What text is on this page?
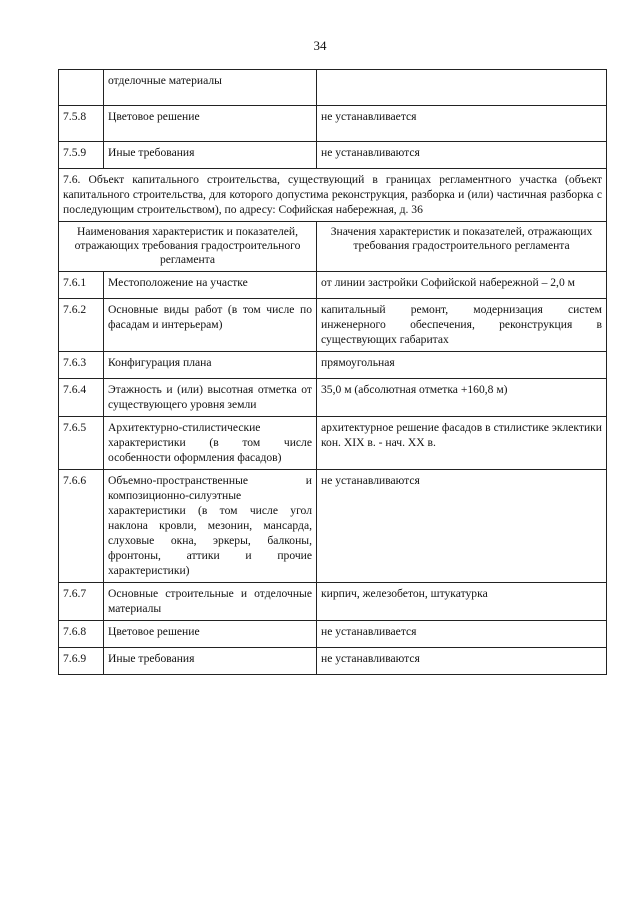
34
	отделочные материалы	
7.5.8	Цветовое решение	не устанавливается
7.5.9	Иные требования	не устанавливаются
7.6. Объект капитального строительства, существующий в границах регламентного участка (объект капитального строительства, для которого допустима реконструкция, разборка и (или) частичная разборка с последующим строительством), по адресу: Софийская набережная, д. 36		
Наименования характеристик и показателей, отражающих требования градостроительного регламента		Значения характеристик и показателей, отражающих требования градостроительного регламента
7.6.1	Местоположение на участке	от линии застройки Софийской набережной – 2,0 м
7.6.2	Основные виды работ (в том числе по фасадам и интерьерам)	капитальный ремонт, модернизация систем инженерного обеспечения, реконструкция в существующих габаритах
7.6.3	Конфигурация плана	прямоугольная
7.6.4	Этажность и (или) высотная отметка от существующего уровня земли	35,0 м (абсолютная отметка +160,8 м)
7.6.5	Архитектурно-стилистические характеристики (в том числе особенности оформления фасадов)	архитектурное решение фасадов в стилистике эклектики кон. XIX в. - нач. XX в.
7.6.6	Объемно-пространственные и композиционно-силуэтные характеристики (в том числе угол наклона кровли, мезонин, мансарда, слуховые окна, эркеры, балконы, фронтоны, аттики и прочие характеристики)	не устанавливаются
7.6.7	Основные строительные и отделочные материалы	кирпич, железобетон, штукатурка
7.6.8	Цветовое решение	не устанавливается
7.6.9	Иные требования	не устанавливаются
